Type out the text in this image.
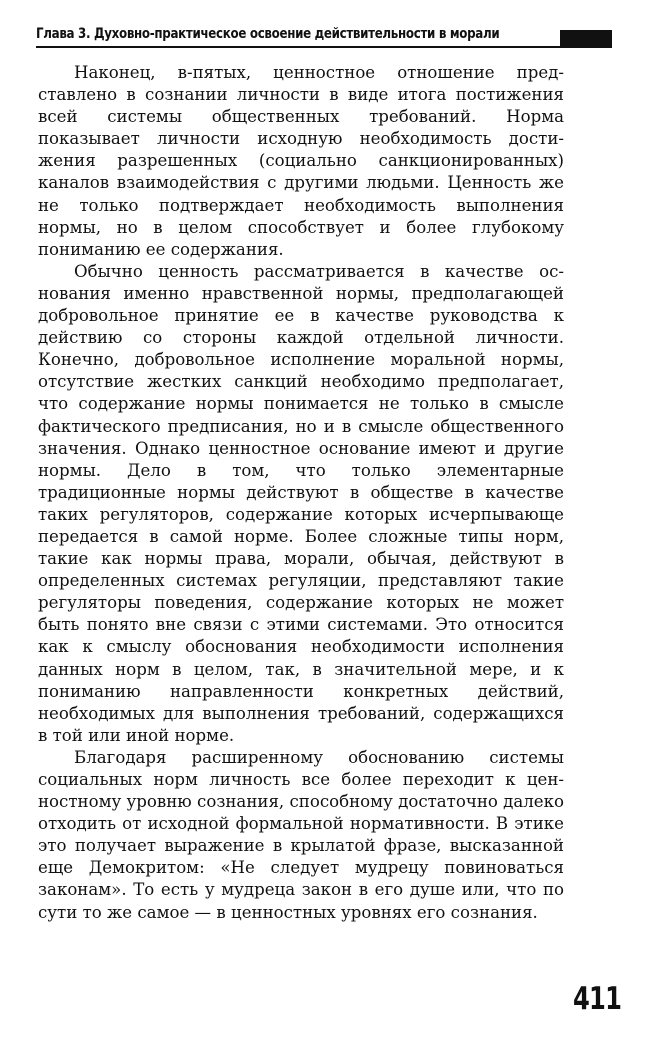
Глава 3. Духовно-практическое освоение действительности в морали

Наконец, в-пятых, ценностное отношение представлено в сознании личности в виде итога постижения всей системы общественных требований. Норма показывает личности исходную необходимость достижения разрешенных (социально санкционированных) каналов взаимодействия с другими людьми. Ценность же не только подтверждает необходимость выполнения нормы, но в целом способствует и более глубокому пониманию ее содержания.

Обычно ценность рассматривается в качестве основания именно нравственной нормы, предполагающей добровольное принятие ее в качестве руководства к действию со стороны каждой отдельной личности. Конечно, добровольное исполнение моральной нормы, отсутствие жестких санкций необходимо предполагает, что содержание нормы понимается не только в смысле фактического предписания, но и в смысле общественного значения. Однако ценностное основание имеют и другие нормы. Дело в том, что только элементарные традиционные нормы действуют в обществе в качестве таких регуляторов, содержание которых исчерпывающе передается в самой норме. Более сложные типы норм, такие как нормы права, морали, обычая, действуют в определенных системах регуляции, представляют такие регуляторы поведения, содержание которых не может быть понято вне связи с этими системами. Это относится как к смыслу обоснования необходимости исполнения данных норм в целом, так, в значительной мере, и к пониманию направленности конкретных действий, необходимых для выполнения требований, содержащихся в той или иной норме.

Благодаря расширенному обоснованию системы социальных норм личность все более переходит к ценностному уровню сознания, способному достаточно далеко отходить от исходной формальной нормативности. В этике это получает выражение в крылатой фразе, высказанной еще Демокритом: «Не следует мудрецу повиноваться законам». То есть у мудреца закон в его душе или, что по сути то же самое — в ценностных уровнях его сознания.

411
